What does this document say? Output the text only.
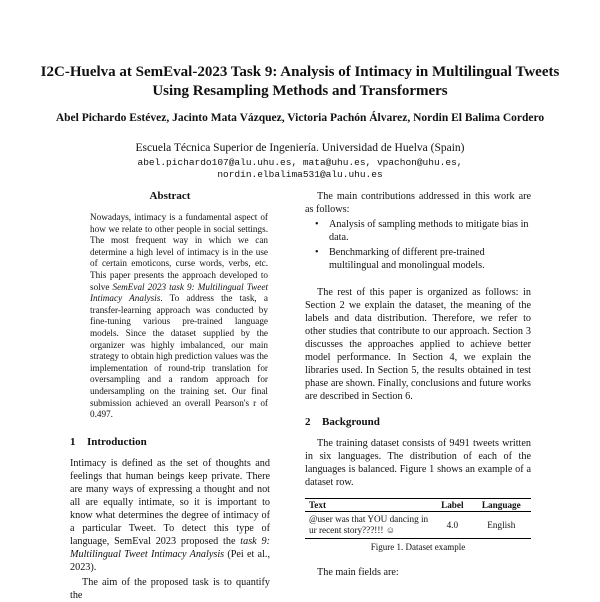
I2C-Huelva at SemEval-2023 Task 9: Analysis of Intimacy in Multilingual Tweets Using Resampling Methods and Transformers
Abel Pichardo Estévez, Jacinto Mata Vázquez, Victoria Pachón Álvarez, Nordin El Balima Cordero
Escuela Técnica Superior de Ingeniería. Universidad de Huelva (Spain)
abel.pichardo107@alu.uhu.es, mata@uhu.es, vpachon@uhu.es,
nordin.elbalima531@alu.uhu.es
Abstract

Nowadays, intimacy is a fundamental aspect of how we relate to other people in social settings. The most frequent way in which we can determine a high level of intimacy is in the use of certain emoticons, curse words, verbs, etc. This paper presents the approach developed to solve SemEval 2023 task 9: Multilingual Tweet Intimacy Analysis. To address the task, a transfer-learning approach was conducted by fine-tuning various pre-trained language models. Since the dataset supplied by the organizer was highly imbalanced, our main strategy to obtain high prediction values was the implementation of round-trip translation for oversampling and a random approach for undersampling on the training set. Our final submission achieved an overall Pearson's r of 0.497.

1 Introduction

Intimacy is defined as the set of thoughts and feelings that human beings keep private. There are many ways of expressing a thought and not all are equally intimate, so it is important to know what determines the degree of intimacy of a particular Tweet. To detect this type of language, SemEval 2023 proposed the task 9: Multilingual Tweet Intimacy Analysis (Pei et al., 2023).

The aim of the proposed task is to quantify the

The main contributions addressed in this work are as follows:

• Analysis of sampling methods to mitigate bias in data.
• Benchmarking of different pre-trained multilingual and monolingual models.

The rest of this paper is organized as follows: in Section 2 we explain the dataset, the meaning of the labels and data distribution. Therefore, we refer to other studies that contribute to our approach. Section 3 discusses the approaches applied to achieve better model performance. In Section 4, we explain the libraries used. In Section 5, the results obtained in test phase are shown. Finally, conclusions and future works are described in Section 6.

2 Background

The training dataset consists of 9491 tweets written in six languages. The distribution of each of the languages is balanced. Figure 1 shows an example of a dataset row.

Text	Label	Language
@user was that YOU dancing in ur recent story???!!! ☺	4.0	English
Figure 1. Dataset example

The main fields are:
